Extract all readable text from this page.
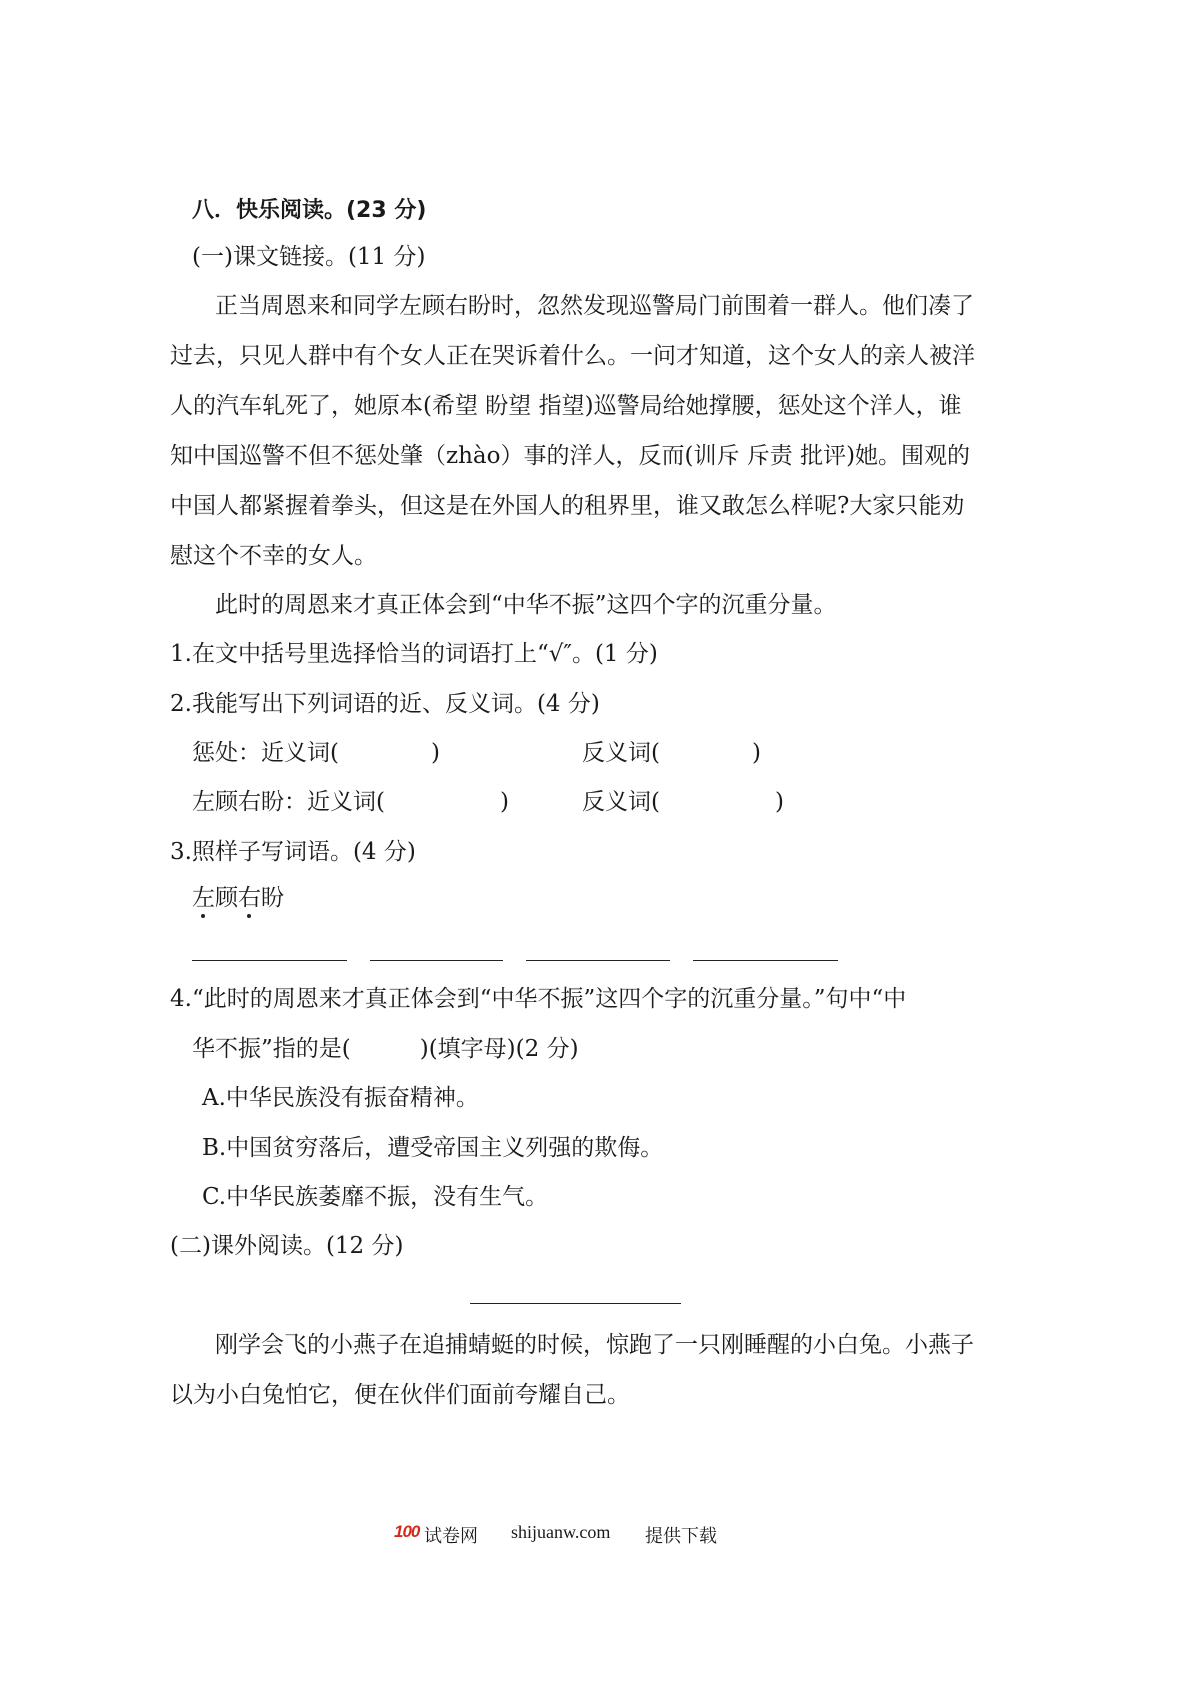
八．快乐阅读。(23 分)
(一)课文链接。(11 分)
正当周恩来和同学左顾右盼时，忽然发现巡警局门前围着一群人。他们凑了
过去，只见人群中有个女人正在哭诉着什么。一问才知道，这个女人的亲人被洋
人的汽车轧死了，她原本(希望 盼望 指望)巡警局给她撑腰，惩处这个洋人，谁
知中国巡警不但不惩处肇（zhào）事的洋人，反而(训斥 斥责 批评)她。围观的
中国人都紧握着拳头，但这是在外国人的租界里，谁又敢怎么样呢?大家只能劝
慰这个不幸的女人。
此时的周恩来才真正体会到“中华不振”这四个字的沉重分量。
1.在文中括号里选择恰当的词语打上“√″。(1 分)
2.我能写出下列词语的近、反义词。(4 分)
惩处：近义词(　　　　)	反义词(　　　　)
左顾右盼：近义词(　　　　　)	反义词(　　　　　)
3.照样子写词语。(4 分)
左顾右盼
4.“此时的周恩来才真正体会到“中华不振”这四个字的沉重分量。”句中“中
华不振”指的是(　　　)(填字母)(2 分)
A.中华民族没有振奋精神。
B.中国贫穷落后，遭受帝国主义列强的欺侮。
C.中华民族萎靡不振，没有生气。
(二)课外阅读。(12 分)
刚学会飞的小燕子在追捕蜻蜓的时候，惊跑了一只刚睡醒的小白兔。小燕子
以为小白兔怕它，便在伙伴们面前夸耀自己。
100 试卷网 shijuanw.com 提供下载
